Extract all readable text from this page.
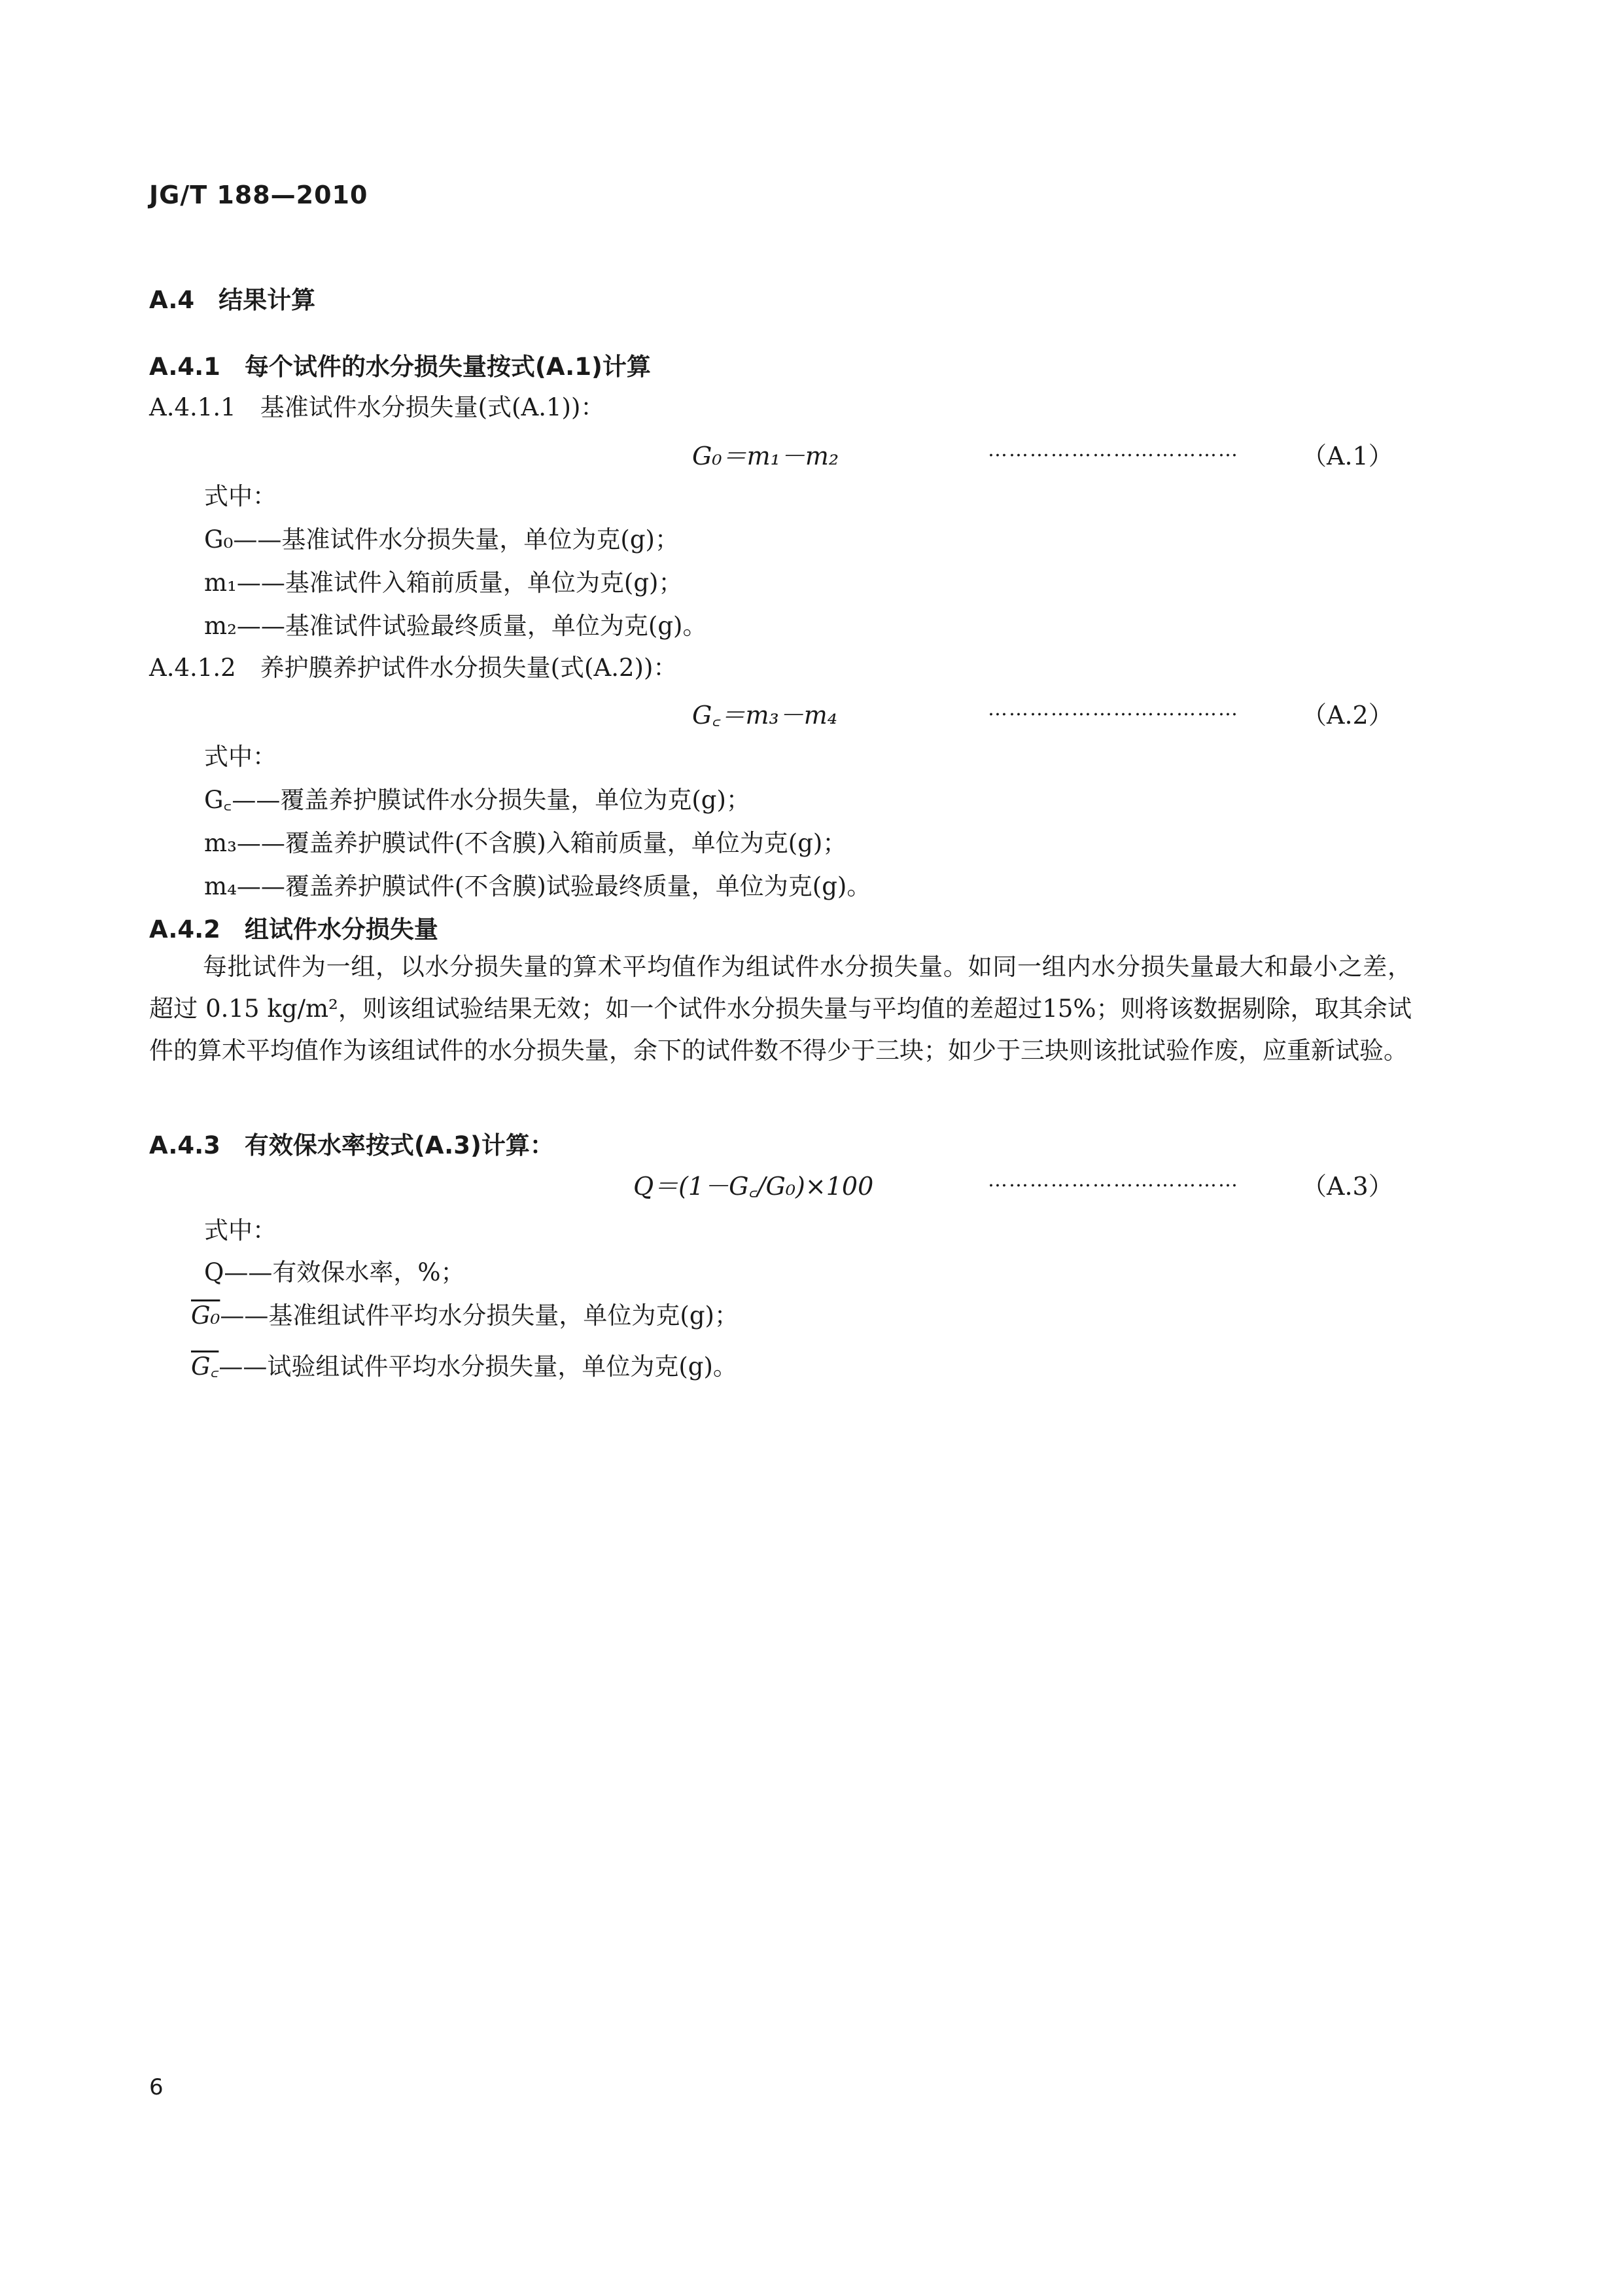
JG/T 188—2010
A.4　结果计算
A.4.1　每个试件的水分损失量按式(A.1)计算
A.4.1.1　基准试件水分损失量(式(A.1))：
G₀＝m₁－m₂	………………………………	（A.1）
式中：
G₀——基准试件水分损失量，单位为克(g)；
m₁——基准试件入箱前质量，单位为克(g)；
m₂——基准试件试验最终质量，单位为克(g)。
A.4.1.2　养护膜养护试件水分损失量(式(A.2))：
G꜀＝m₃－m₄	………………………………	（A.2）
式中：
G꜀——覆盖养护膜试件水分损失量，单位为克(g)；
m₃——覆盖养护膜试件(不含膜)入箱前质量，单位为克(g)；
m₄——覆盖养护膜试件(不含膜)试验最终质量，单位为克(g)。
A.4.2　组试件水分损失量
每批试件为一组，以水分损失量的算术平均值作为组试件水分损失量。如同一组内水分损失量最大和最小之差，超过 0.15 kg/m²，则该组试验结果无效；如一个试件水分损失量与平均值的差超过15%；则将该数据剔除，取其余试件的算术平均值作为该组试件的水分损失量，余下的试件数不得少于三块；如少于三块则该批试验作废，应重新试验。
A.4.3　有效保水率按式(A.3)计算：
Q＝(1－G꜀/G₀)×100	………………………………	（A.3）
式中：
Q——有效保水率，%；
G₀——基准组试件平均水分损失量，单位为克(g)；
G꜀——试验组试件平均水分损失量，单位为克(g)。
6
